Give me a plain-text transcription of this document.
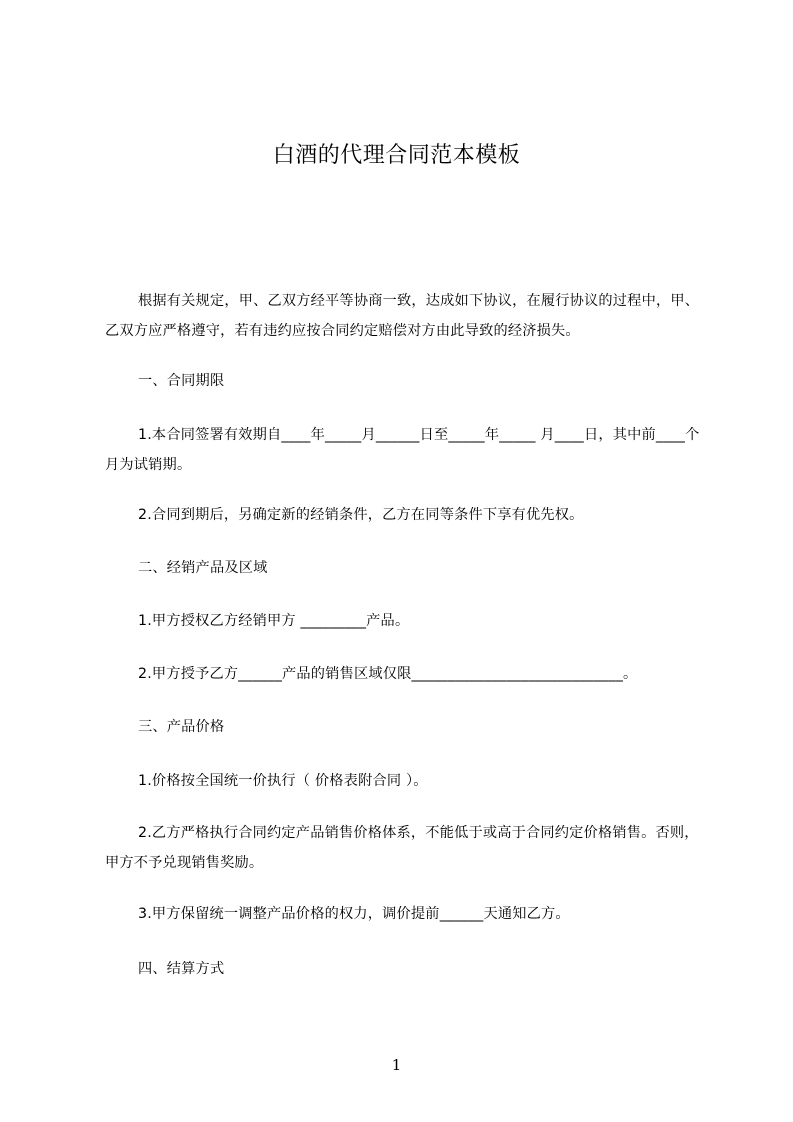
白酒的代理合同范本模板
根据有关规定，甲、乙双方经平等协商一致，达成如下协议，在履行协议的过程中，甲、乙双方应严格遵守，若有违约应按合同约定赔偿对方由此导致的经济损失。
一、合同期限
1.本合同签署有效期自____年_____月______日至_____年_____ 月____日，其中前____个月为试销期。
2.合同到期后，另确定新的经销条件，乙方在同等条件下享有优先权。
二、经销产品及区域
1.甲方授权乙方经销甲方 _________产品。
2.甲方授予乙方______产品的销售区域仅限_____________________________。
三、产品价格
1.价格按全国统一价执行（ 价格表附合同 ）。
2.乙方严格执行合同约定产品销售价格体系，不能低于或高于合同约定价格销售。否则，甲方不予兑现销售奖励。
3.甲方保留统一调整产品价格的权力，调价提前______天通知乙方。
四、结算方式
1
